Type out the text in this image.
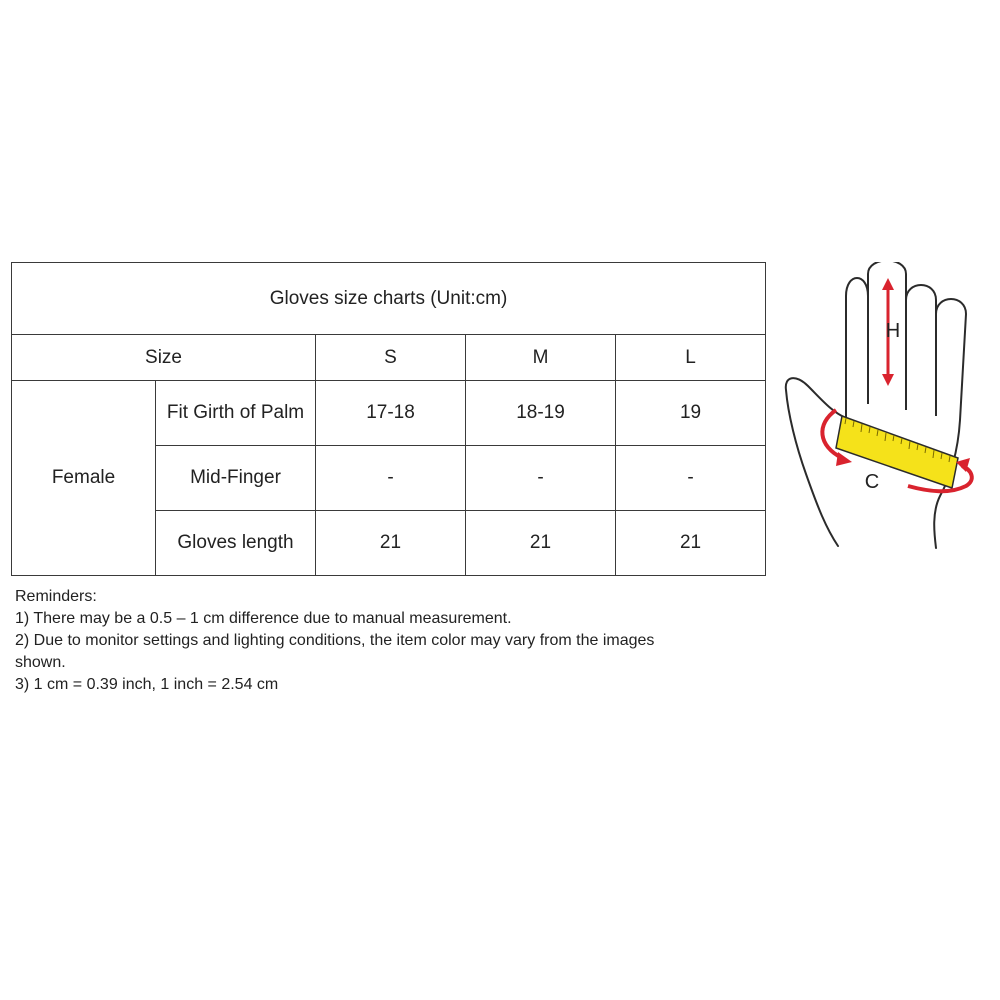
Gloves size charts (Unit:cm)				
Size		S	M	L
Female	Fit Girth of Palm	17-18	18-19	19
	Mid-Finger	-	-	-
	Gloves length	21	21	21
Reminders:
1) There may be a 0.5 – 1 cm difference due to manual measurement.
2) Due to monitor settings and lighting conditions, the item color may vary from the images
shown.
3) 1 cm = 0.39 inch, 1 inch = 2.54 cm
H
C
